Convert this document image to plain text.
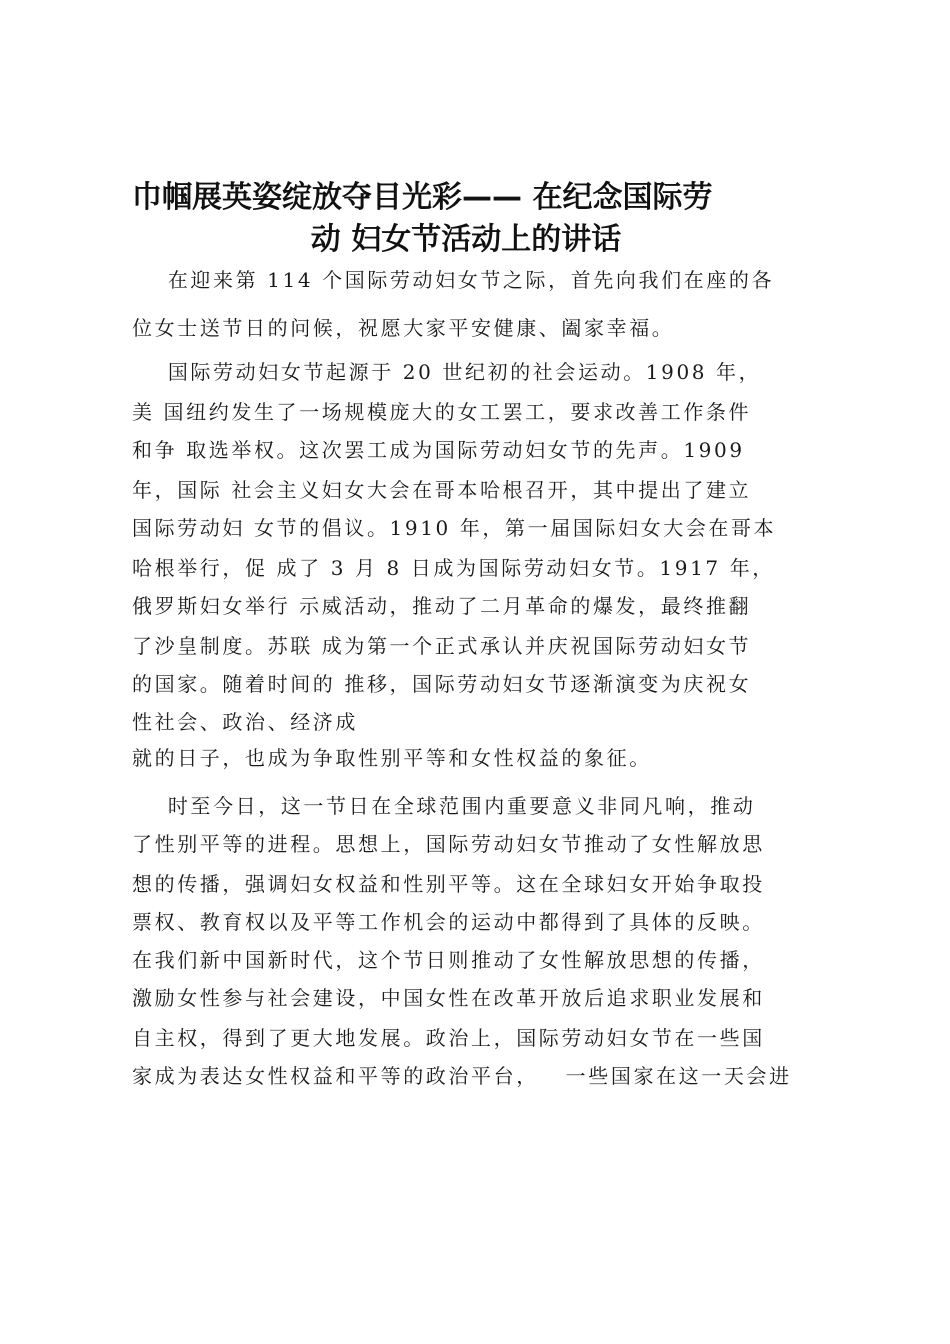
巾帼展英姿绽放夺目光彩—— 在纪念国际劳
动 妇女节活动上的讲话
在迎来第 114 个国际劳动妇女节之际，首先向我们在座的各
位女士送节日的问候，祝愿大家平安健康、阖家幸福。
国际劳动妇女节起源于 20 世纪初的社会运动。1908 年，
美 国纽约发生了一场规模庞大的女工罢工，要求改善工作条件
和争 取选举权。这次罢工成为国际劳动妇女节的先声。1909
年，国际 社会主义妇女大会在哥本哈根召开，其中提出了建立
国际劳动妇 女节的倡议。1910 年，第一届国际妇女大会在哥本
哈根举行，促 成了 3 月 8 日成为国际劳动妇女节。1917 年，
俄罗斯妇女举行 示威活动，推动了二月革命的爆发，最终推翻
了沙皇制度。苏联 成为第一个正式承认并庆祝国际劳动妇女节
的国家。随着时间的 推移，国际劳动妇女节逐渐演变为庆祝女
性社会、政治、经济成
就的日子，也成为争取性别平等和女性权益的象征。
时至今日，这一节日在全球范围内重要意义非同凡响，推动
了性别平等的进程。思想上，国际劳动妇女节推动了女性解放思
想的传播，强调妇女权益和性别平等。这在全球妇女开始争取投
票权、教育权以及平等工作机会的运动中都得到了具体的反映。
在我们新中国新时代，这个节日则推动了女性解放思想的传播，
激励女性参与社会建设，中国女性在改革开放后追求职业发展和
自主权，得到了更大地发展。政治上，国际劳动妇女节在一些国
家成为表达女性权益和平等的政治平台，   一些国家在这一天会进
